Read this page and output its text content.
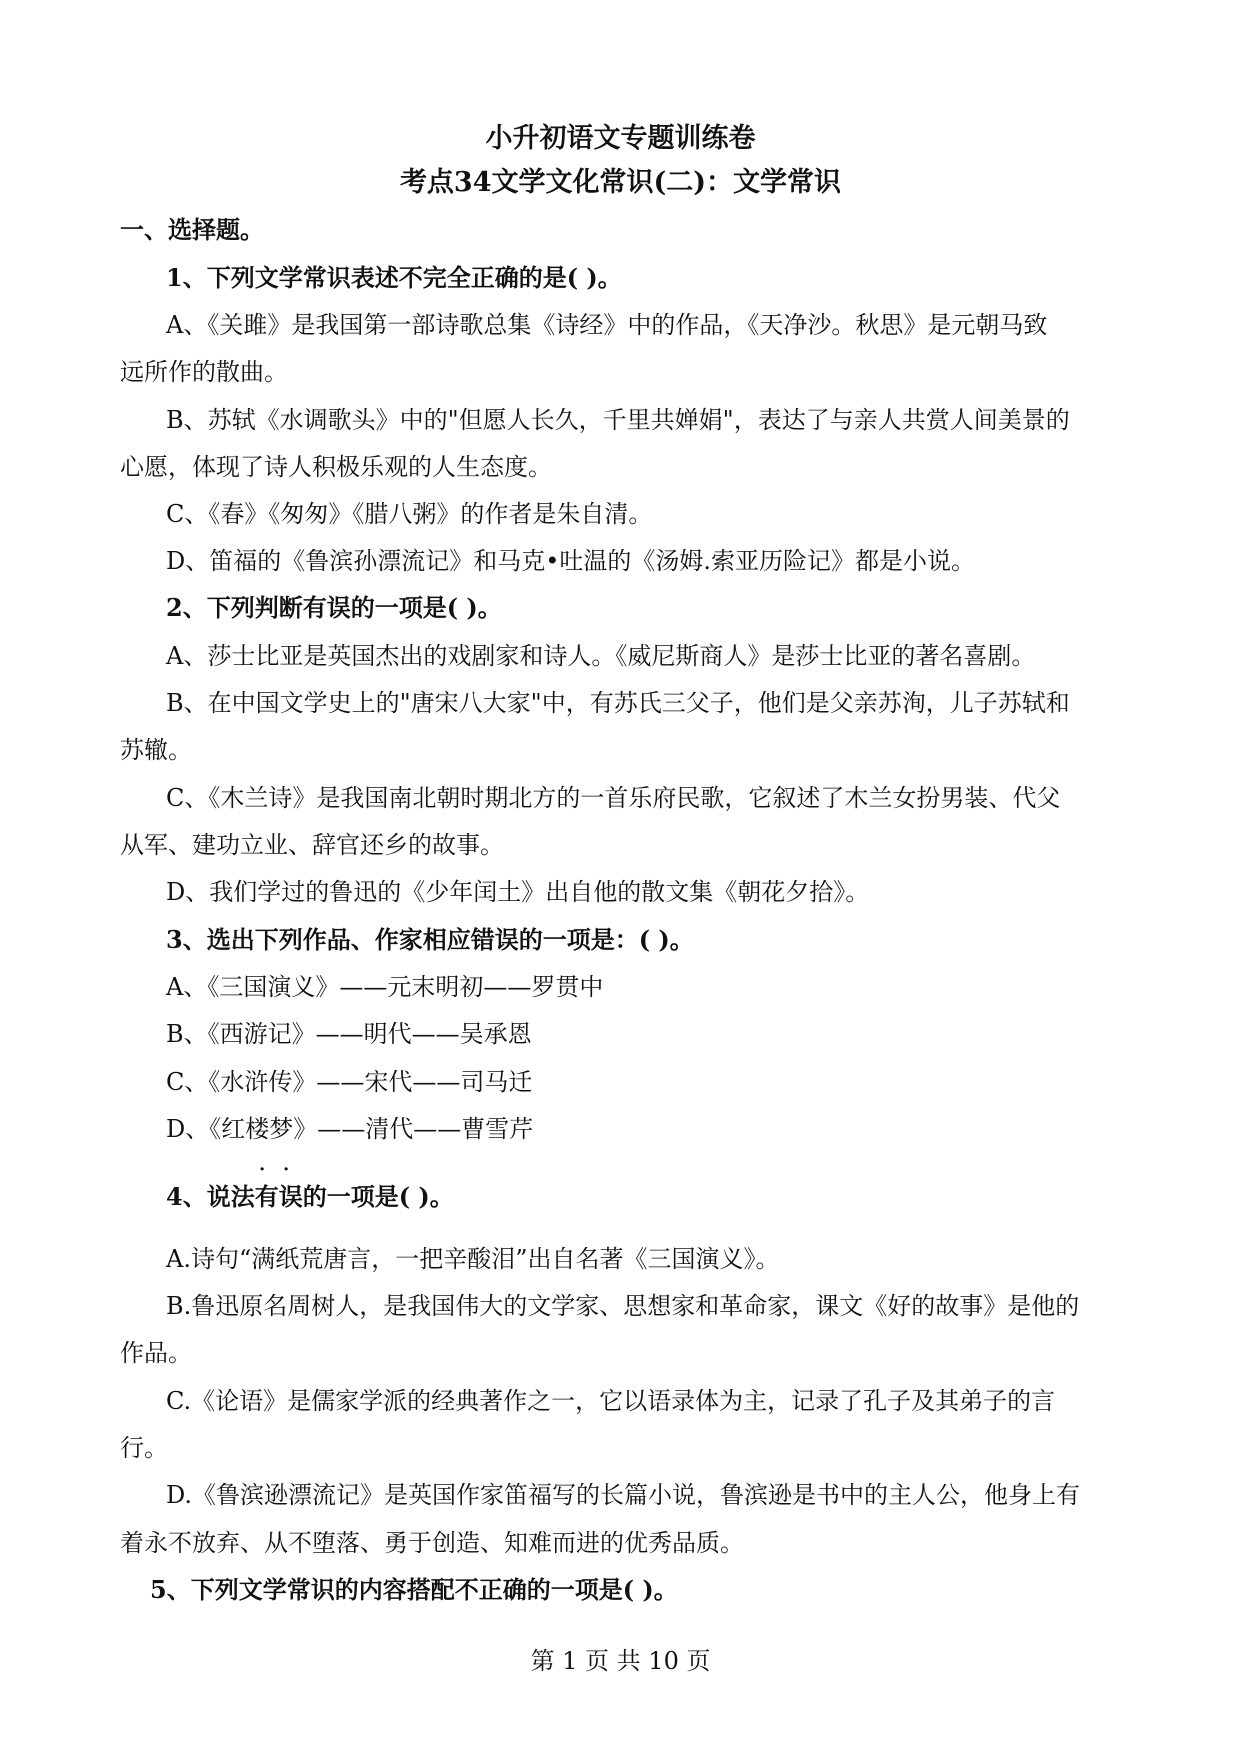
小升初语文专题训练卷
考点34文学文化常识(二)：文学常识
一、选择题。
1、下列文学常识表述不完全正确的是( )。
A、《关雎》是我国第一部诗歌总集《诗经》中的作品，《天净沙。秋思》是元朝马致
远所作的散曲。
B、苏轼《水调歌头》中的"但愿人长久，千里共婵娟"，表达了与亲人共赏人间美景的
心愿，体现了诗人积极乐观的人生态度。
C、《春》《匆匆》《腊八粥》的作者是朱自清。
D、笛福的《鲁滨孙漂流记》和马克•吐温的《汤姆.索亚历险记》都是小说。
2、下列判断有误的一项是( )。
A、莎士比亚是英国杰出的戏剧家和诗人。《威尼斯商人》是莎士比亚的著名喜剧。
B、在中国文学史上的"唐宋八大家"中，有苏氏三父子，他们是父亲苏洵，儿子苏轼和
苏辙。
C、《木兰诗》是我国南北朝时期北方的一首乐府民歌，它叙述了木兰女扮男装、代父
从军、建功立业、辞官还乡的故事。
D、我们学过的鲁迅的《少年闰土》出自他的散文集《朝花夕拾》。
3、选出下列作品、作家相应错误的一项是：( )。
A、《三国演义》——元末明初——罗贯中
B、《西游记》——明代——吴承恩
C、《水浒传》——宋代——司马迁
D、《红楼梦》——清代——曹雪芹
· ·
4、说法有误的一项是( )。
A.诗句“满纸荒唐言，一把辛酸泪”出自名著《三国演义》。
B.鲁迅原名周树人，是我国伟大的文学家、思想家和革命家，课文《好的故事》是他的
作品。
C.《论语》是儒家学派的经典著作之一，它以语录体为主，记录了孔子及其弟子的言
行。
D.《鲁滨逊漂流记》是英国作家笛福写的长篇小说，鲁滨逊是书中的主人公，他身上有
着永不放弃、从不堕落、勇于创造、知难而进的优秀品质。
5、下列文学常识的内容搭配不正确的一项是( )。
第 1 页 共 10 页
